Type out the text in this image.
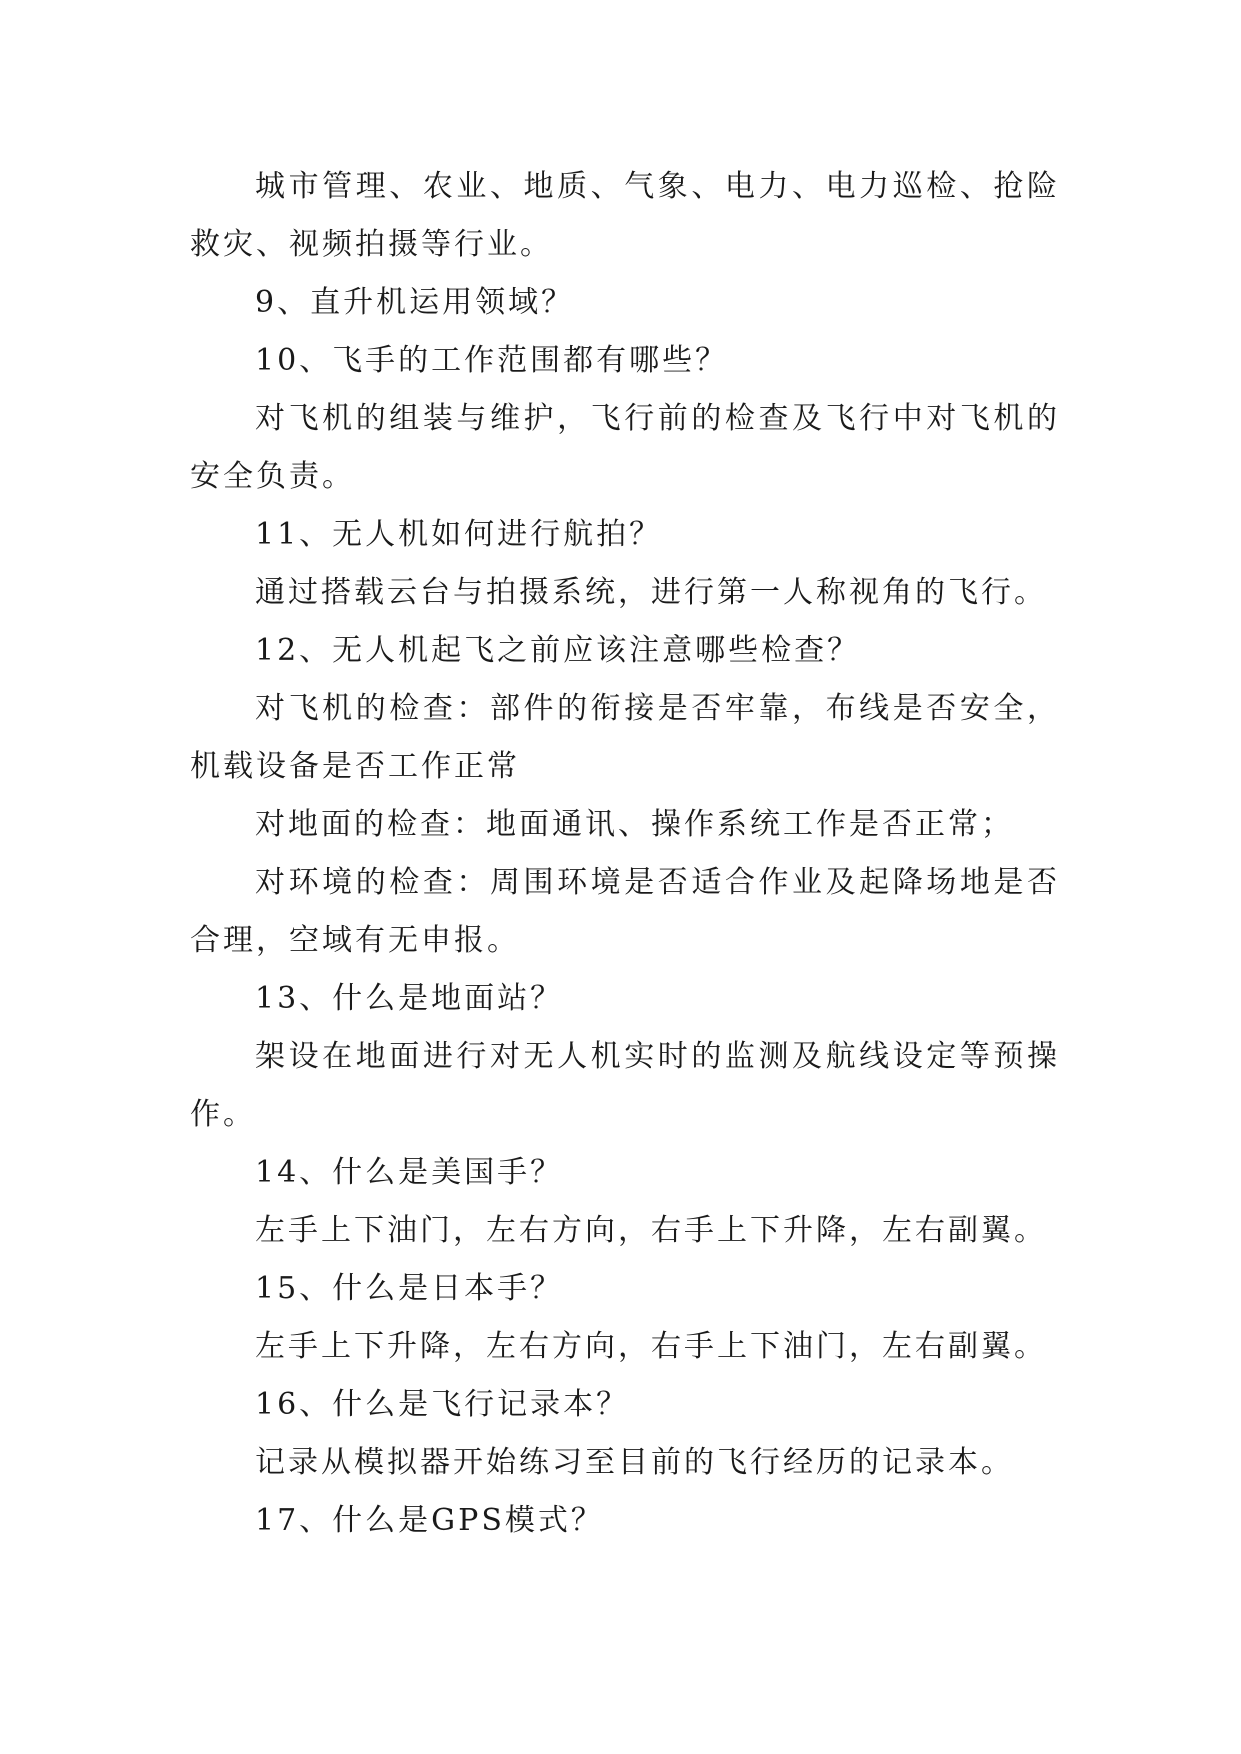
城市管理、农业、地质、气象、电力、电力巡检、抢险救灾、视频拍摄等行业。

9、直升机运用领域？

10、飞手的工作范围都有哪些？

对飞机的组装与维护，飞行前的检查及飞行中对飞机的安全负责。

11、无人机如何进行航拍？

通过搭载云台与拍摄系统，进行第一人称视角的飞行。

12、无人机起飞之前应该注意哪些检查？

对飞机的检查：部件的衔接是否牢靠，布线是否安全，机载设备是否工作正常

对地面的检查：地面通讯、操作系统工作是否正常；

对环境的检查：周围环境是否适合作业及起降场地是否合理，空域有无申报。

13、什么是地面站？

架设在地面进行对无人机实时的监测及航线设定等预操作。

14、什么是美国手？

左手上下油门，左右方向，右手上下升降，左右副翼。

15、什么是日本手？

左手上下升降，左右方向，右手上下油门，左右副翼。

16、什么是飞行记录本？

记录从模拟器开始练习至目前的飞行经历的记录本。

17、什么是GPS模式？
